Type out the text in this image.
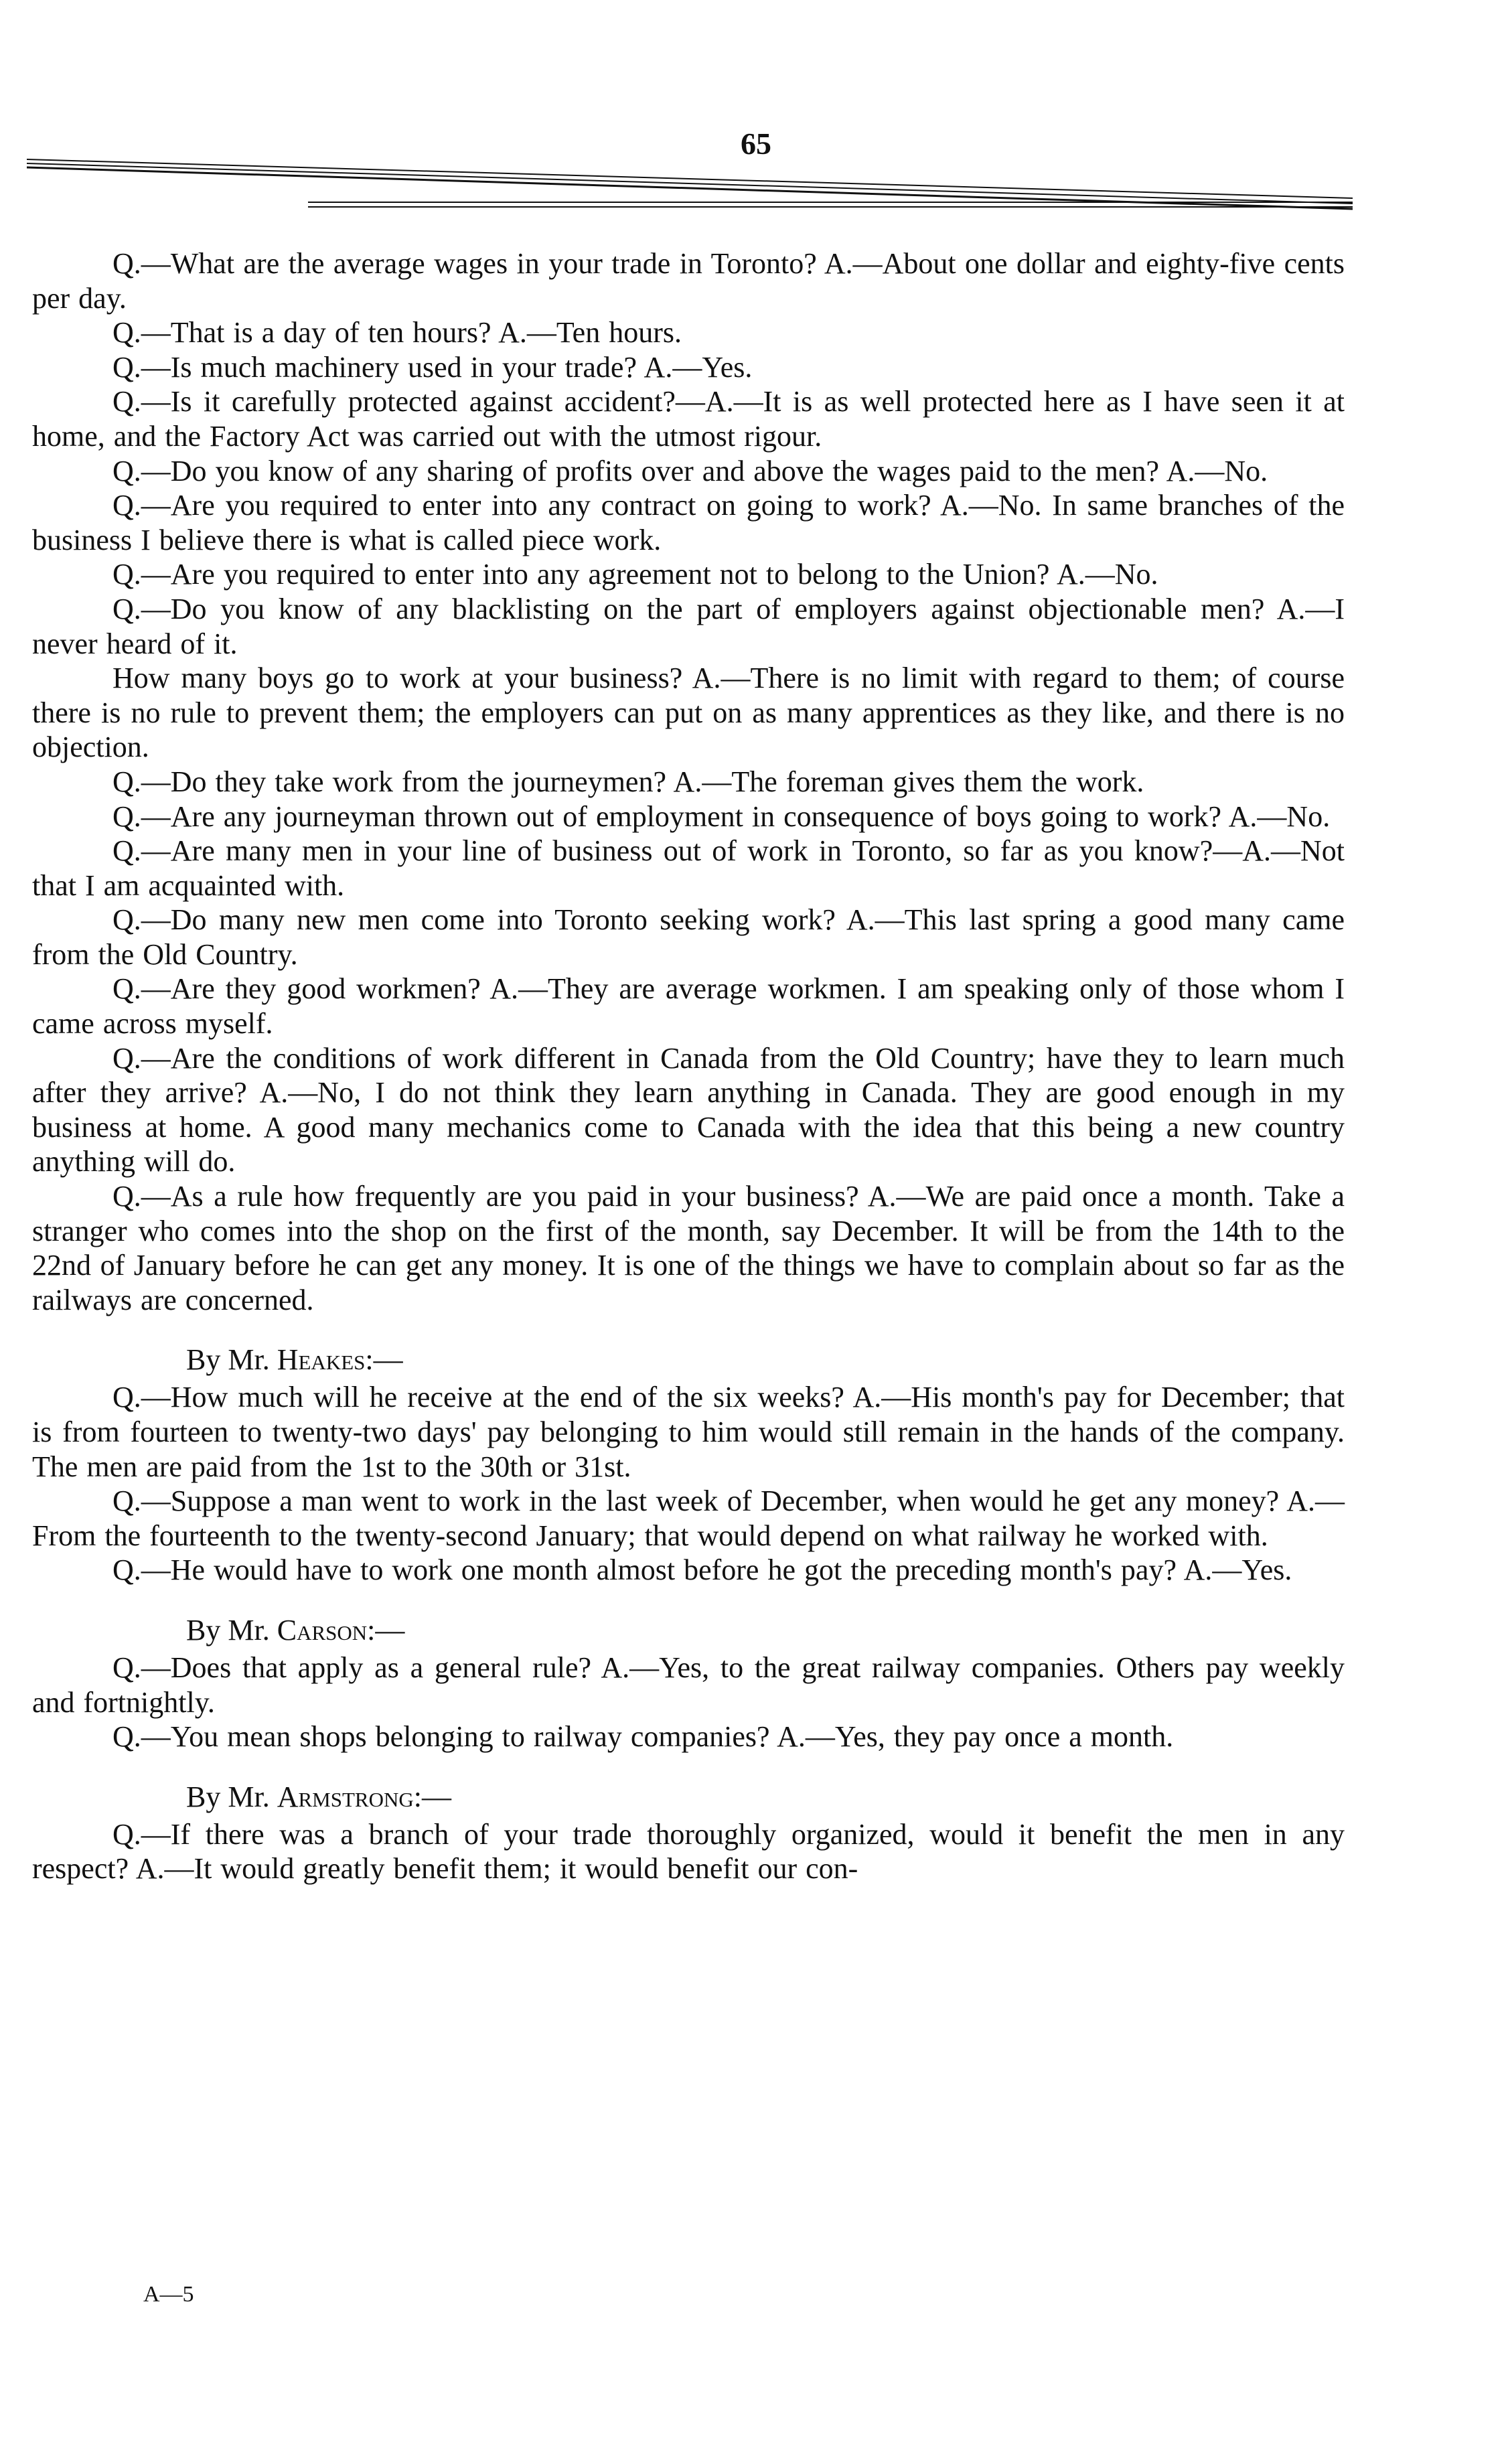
65

Q.—What are the average wages in your trade in Toronto? A.—About one dollar and eighty-five cents per day.

Q.—That is a day of ten hours? A.—Ten hours.

Q.—Is much machinery used in your trade? A.—Yes.

Q.—Is it carefully protected against accident?—A.—It is as well protected here as I have seen it at home, and the Factory Act was carried out with the utmost rigour.

Q.—Do you know of any sharing of profits over and above the wages paid to the men? A.—No.

Q.—Are you required to enter into any contract on going to work? A.—No. In same branches of the business I believe there is what is called piece work.

Q.—Are you required to enter into any agreement not to belong to the Union? A.—No.

Q.—Do you know of any blacklisting on the part of employers against objectionable men? A.—I never heard of it.

How many boys go to work at your business? A.—There is no limit with regard to them; of course there is no rule to prevent them; the employers can put on as many apprentices as they like, and there is no objection.

Q.—Do they take work from the journeymen? A.—The foreman gives them the work.

Q.—Are any journeyman thrown out of employment in consequence of boys going to work? A.—No.

Q.—Are many men in your line of business out of work in Toronto, so far as you know?—A.—Not that I am acquainted with.

Q.—Do many new men come into Toronto seeking work? A.—This last spring a good many came from the Old Country.

Q.—Are they good workmen? A.—They are average workmen. I am speaking only of those whom I came across myself.

Q.—Are the conditions of work different in Canada from the Old Country; have they to learn much after they arrive? A.—No, I do not think they learn anything in Canada. They are good enough in my business at home. A good many mechanics come to Canada with the idea that this being a new country anything will do.

Q.—As a rule how frequently are you paid in your business? A.—We are paid once a month. Take a stranger who comes into the shop on the first of the month, say December. It will be from the 14th to the 22nd of January before he can get any money. It is one of the things we have to complain about so far as the railways are concerned.

By Mr. Heakes:—

Q.—How much will he receive at the end of the six weeks? A.—His month's pay for December; that is from fourteen to twenty-two days' pay belonging to him would still remain in the hands of the company. The men are paid from the 1st to the 30th or 31st.

Q.—Suppose a man went to work in the last week of December, when would he get any money? A.—From the fourteenth to the twenty-second January; that would depend on what railway he worked with.

Q.—He would have to work one month almost before he got the preceding month's pay? A.—Yes.

By Mr. Carson:—

Q.—Does that apply as a general rule? A.—Yes, to the great railway companies. Others pay weekly and fortnightly.

Q.—You mean shops belonging to railway companies? A.—Yes, they pay once a month.

By Mr. Armstrong:—

Q.—If there was a branch of your trade thoroughly organized, would it benefit the men in any respect? A.—It would greatly benefit them; it would benefit our con-

A—5
